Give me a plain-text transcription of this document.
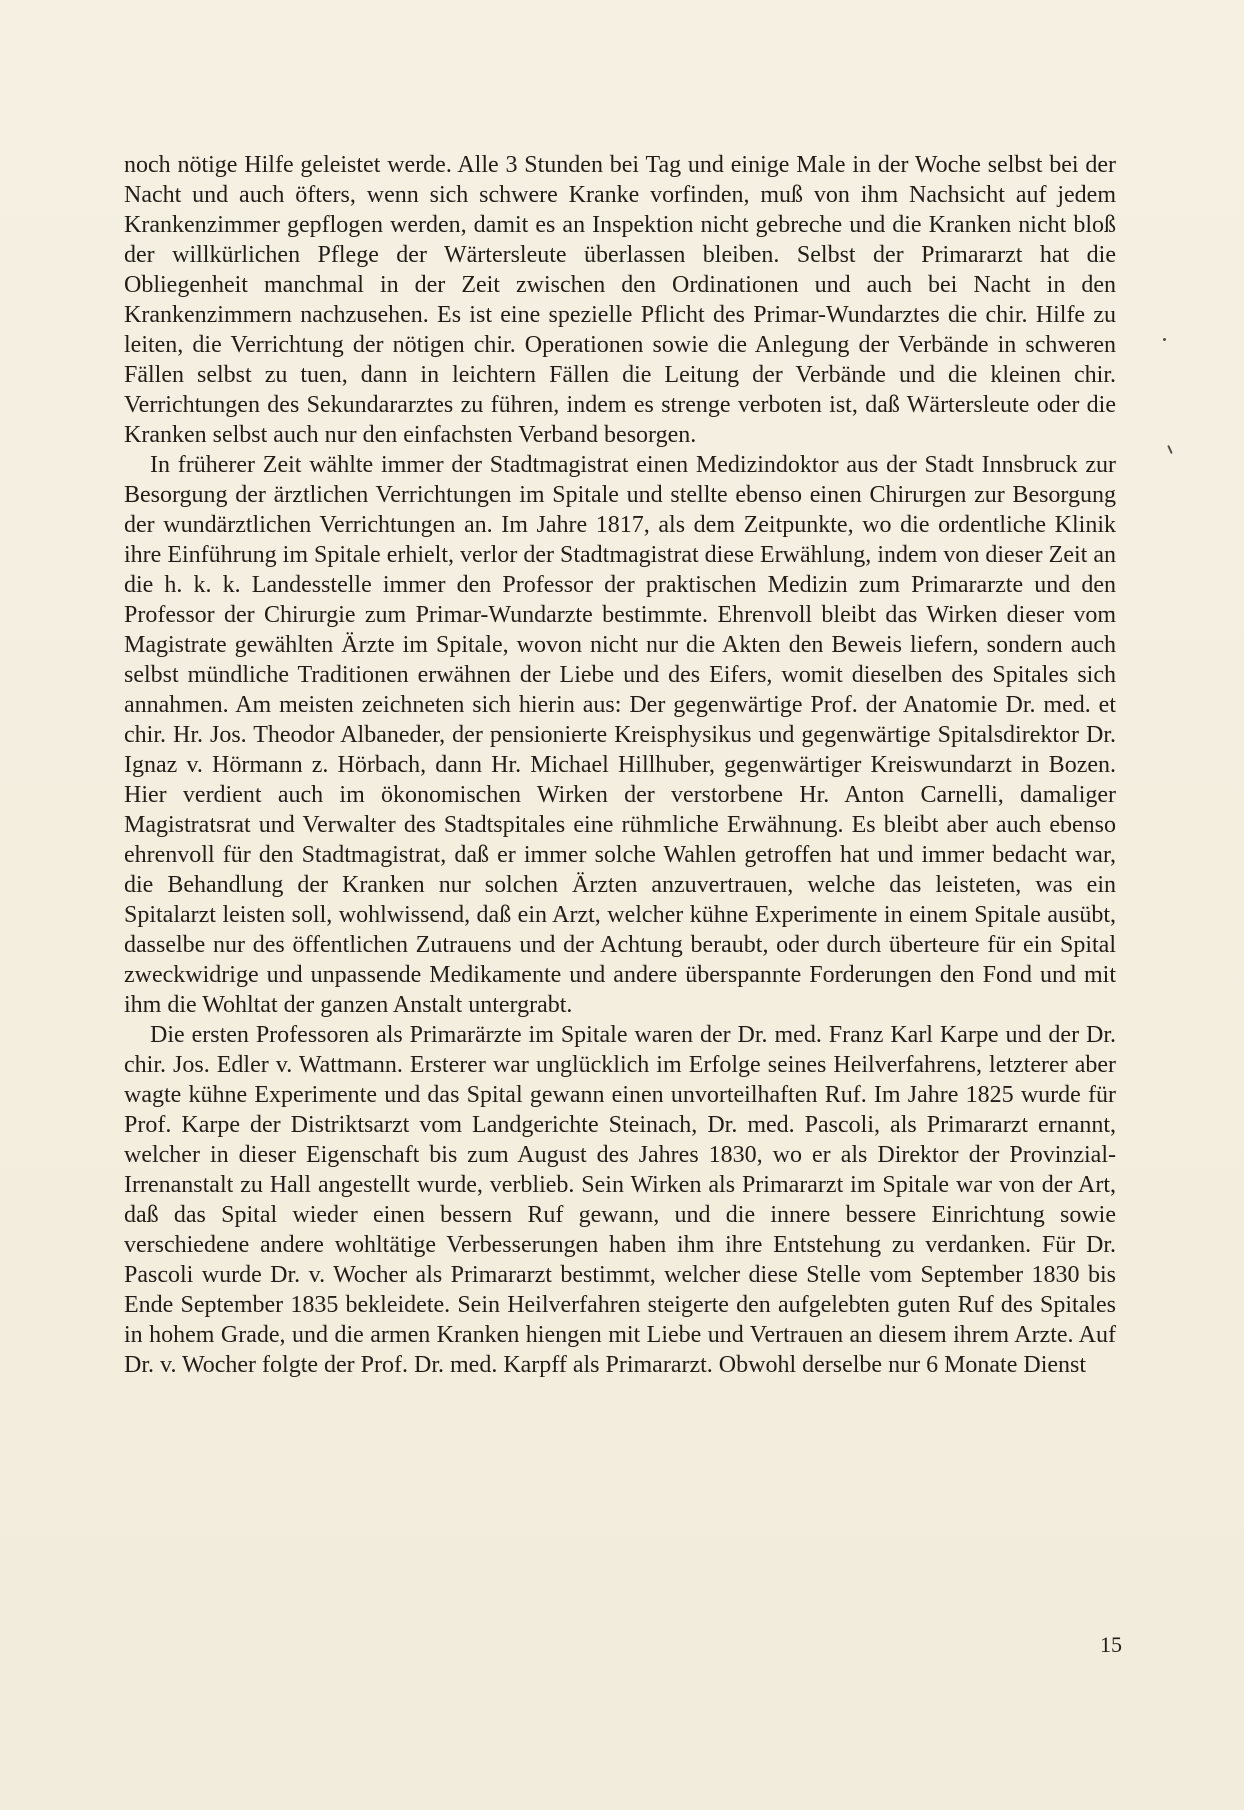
noch nötige Hilfe geleistet werde. Alle 3 Stunden bei Tag und einige Male in der Woche selbst bei der Nacht und auch öfters, wenn sich schwere Kranke vorfinden, muß von ihm Nachsicht auf jedem Krankenzimmer gepflogen werden, damit es an Inspektion nicht gebreche und die Kranken nicht bloß der willkürlichen Pflege der Wärtersleute überlassen bleiben. Selbst der Primararzt hat die Obliegenheit manchmal in der Zeit zwischen den Ordinationen und auch bei Nacht in den Krankenzimmern nachzusehen. Es ist eine spezielle Pflicht des Primar-Wundarztes die chir. Hilfe zu leiten, die Verrichtung der nötigen chir. Operationen sowie die Anlegung der Verbände in schweren Fällen selbst zu tuen, dann in leichtern Fällen die Leitung der Verbände und die kleinen chir. Verrichtungen des Sekundararztes zu führen, indem es strenge verboten ist, daß Wärtersleute oder die Kranken selbst auch nur den einfachsten Verband besorgen.

In früherer Zeit wählte immer der Stadtmagistrat einen Medizindoktor aus der Stadt Innsbruck zur Besorgung der ärztlichen Verrichtungen im Spitale und stellte ebenso einen Chirurgen zur Besorgung der wundärztlichen Verrichtungen an. Im Jahre 1817, als dem Zeitpunkte, wo die ordentliche Klinik ihre Einführung im Spitale erhielt, verlor der Stadtmagistrat diese Erwählung, indem von dieser Zeit an die h. k. k. Landesstelle immer den Professor der praktischen Medizin zum Primararzte und den Professor der Chirurgie zum Primar-Wundarzte bestimmte. Ehrenvoll bleibt das Wirken dieser vom Magistrate gewählten Ärzte im Spitale, wovon nicht nur die Akten den Beweis liefern, sondern auch selbst mündliche Traditionen erwähnen der Liebe und des Eifers, womit dieselben des Spitales sich annahmen. Am meisten zeichneten sich hierin aus: Der gegenwärtige Prof. der Anatomie Dr. med. et chir. Hr. Jos. Theodor Albaneder, der pensionierte Kreisphysikus und gegenwärtige Spitalsdirektor Dr. Ignaz v. Hörmann z. Hörbach, dann Hr. Michael Hillhuber, gegenwärtiger Kreiswundarzt in Bozen. Hier verdient auch im ökonomischen Wirken der verstorbene Hr. Anton Carnelli, damaliger Magistratsrat und Verwalter des Stadtspitales eine rühmliche Erwähnung. Es bleibt aber auch ebenso ehrenvoll für den Stadtmagistrat, daß er immer solche Wahlen getroffen hat und immer bedacht war, die Behandlung der Kranken nur solchen Ärzten anzuvertrauen, welche das leisteten, was ein Spitalarzt leisten soll, wohlwissend, daß ein Arzt, welcher kühne Experimente in einem Spitale ausübt, dasselbe nur des öffentlichen Zutrauens und der Achtung beraubt, oder durch überteure für ein Spital zweckwidrige und unpassende Medikamente und andere überspannte Forderungen den Fond und mit ihm die Wohltat der ganzen Anstalt untergrabt.

Die ersten Professoren als Primarärzte im Spitale waren der Dr. med. Franz Karl Karpe und der Dr. chir. Jos. Edler v. Wattmann. Ersterer war unglücklich im Erfolge seines Heilverfahrens, letzterer aber wagte kühne Experimente und das Spital gewann einen unvorteilhaften Ruf. Im Jahre 1825 wurde für Prof. Karpe der Distriktsarzt vom Landgerichte Steinach, Dr. med. Pascoli, als Primararzt ernannt, welcher in dieser Eigenschaft bis zum August des Jahres 1830, wo er als Direktor der Provinzial-Irrenanstalt zu Hall angestellt wurde, verblieb. Sein Wirken als Primararzt im Spitale war von der Art, daß das Spital wieder einen bessern Ruf gewann, und die innere bessere Einrichtung sowie verschiedene andere wohltätige Verbesserungen haben ihm ihre Entstehung zu verdanken. Für Dr. Pascoli wurde Dr. v. Wocher als Primararzt bestimmt, welcher diese Stelle vom September 1830 bis Ende September 1835 bekleidete. Sein Heilverfahren steigerte den aufgelebten guten Ruf des Spitales in hohem Grade, und die armen Kranken hiengen mit Liebe und Vertrauen an diesem ihrem Arzte. Auf Dr. v. Wocher folgte der Prof. Dr. med. Karpff als Primararzt. Obwohl derselbe nur 6 Monate Dienst

15
